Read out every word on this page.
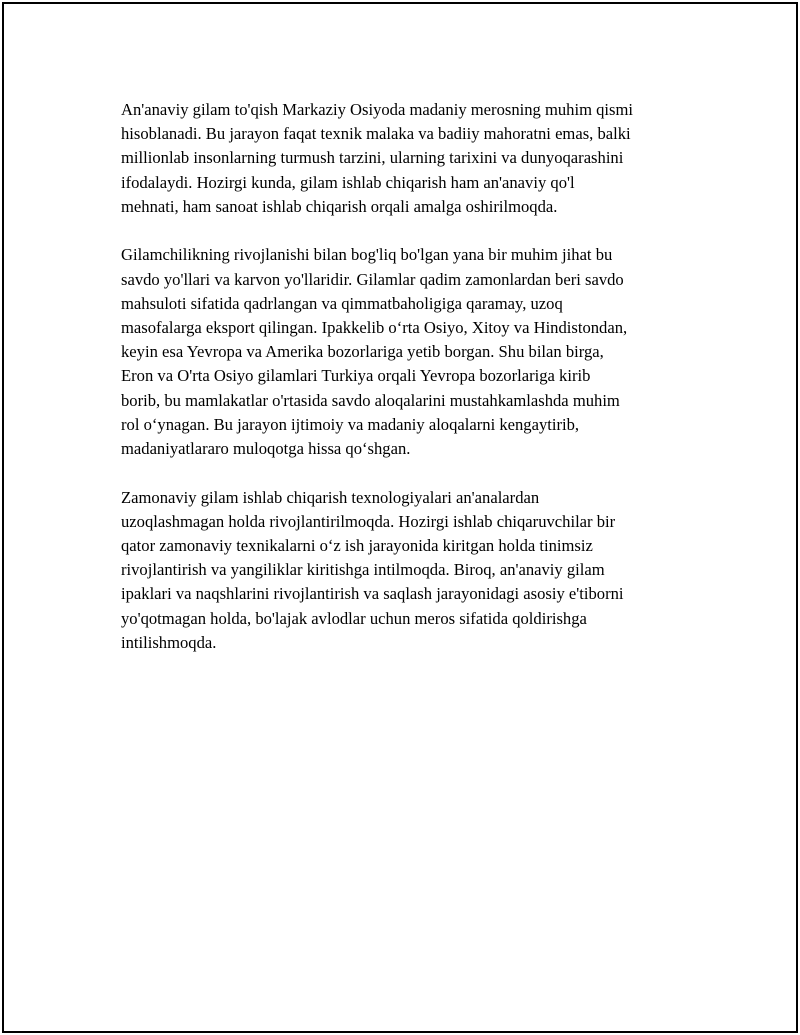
An'anaviy gilam to'qish Markaziy Osiyoda madaniy merosning muhim qismi
hisoblanadi. Bu jarayon faqat texnik malaka va badiiy mahoratni emas, balki
millionlab insonlarning turmush tarzini, ularning tarixini va dunyoqarashini
ifodalaydi. Hozirgi kunda, gilam ishlab chiqarish ham an'anaviy qo'l
mehnati, ham sanoat ishlab chiqarish orqali amalga oshirilmoqda.

Gilamchilikning rivojlanishi bilan bog'liq bo'lgan yana bir muhim jihat bu
savdo yo'llari va karvon yo'llaridir. Gilamlar qadim zamonlardan beri savdo
mahsuloti sifatida qadrlangan va qimmatbaholigiga qaramay, uzoq
masofalarga eksport qilingan. Ipakkelib o‘rta Osiyo, Xitoy va Hindistondan,
keyin esa Yevropa va Amerika bozorlariga yetib borgan. Shu bilan birga,
Eron va O'rta Osiyo gilamlari Turkiya orqali Yevropa bozorlariga kirib
borib, bu mamlakatlar o'rtasida savdo aloqalarini mustahkamlashda muhim
rol o‘ynagan. Bu jarayon ijtimoiy va madaniy aloqalarni kengaytirib,
madaniyatlararo muloqotga hissa qo‘shgan.

Zamonaviy gilam ishlab chiqarish texnologiyalari an'analardan
uzoqlashmagan holda rivojlantirilmoqda. Hozirgi ishlab chiqaruvchilar bir
qator zamonaviy texnikalarni o‘z ish jarayonida kiritgan holda tinimsiz
rivojlantirish va yangiliklar kiritishga intilmoqda. Biroq, an'anaviy gilam
ipaklari va naqshlarini rivojlantirish va saqlash jarayonidagi asosiy e'tiborni
yo'qotmagan holda, bo'lajak avlodlar uchun meros sifatida qoldirishga
intilishmoqda.
